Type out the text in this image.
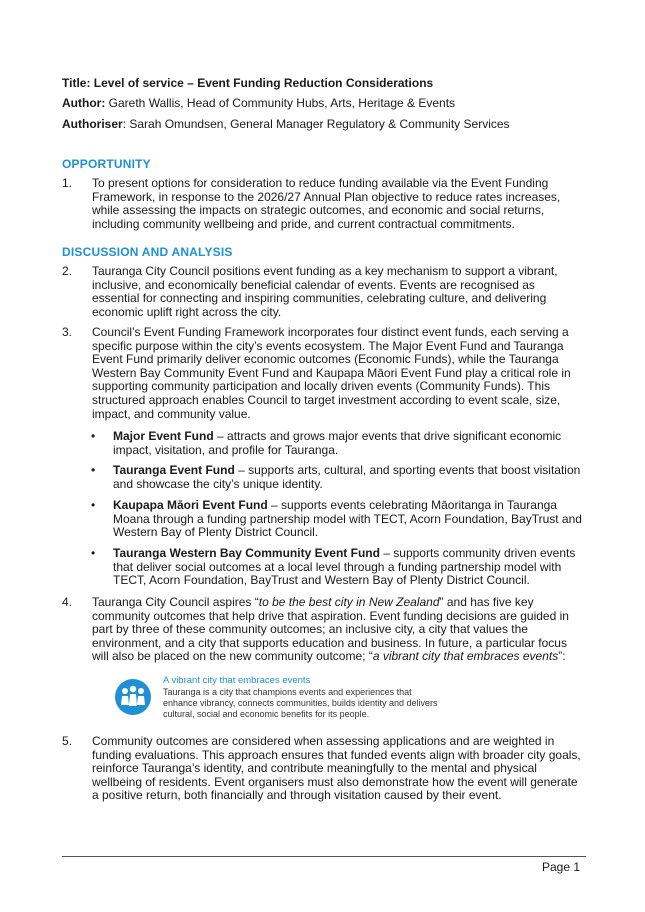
Title: Level of service – Event Funding Reduction Considerations
Author: Gareth Wallis, Head of Community Hubs, Arts, Heritage & Events
Authoriser: Sarah Omundsen, General Manager Regulatory & Community Services
OPPORTUNITY
1.	To present options for consideration to reduce funding available via the Event Funding Framework, in response to the 2026/27 Annual Plan objective to reduce rates increases, while assessing the impacts on strategic outcomes, and economic and social returns, including community wellbeing and pride, and current contractual commitments.
DISCUSSION AND ANALYSIS
2.	Tauranga City Council positions event funding as a key mechanism to support a vibrant, inclusive, and economically beneficial calendar of events. Events are recognised as essential for connecting and inspiring communities, celebrating culture, and delivering economic uplift right across the city.
3.	Council’s Event Funding Framework incorporates four distinct event funds, each serving a specific purpose within the city’s events ecosystem. The Major Event Fund and Tauranga Event Fund primarily deliver economic outcomes (Economic Funds), while the Tauranga Western Bay Community Event Fund and Kaupapa Māori Event Fund play a critical role in supporting community participation and locally driven events (Community Funds). This structured approach enables Council to target investment according to event scale, size, impact, and community value.
• Major Event Fund – attracts and grows major events that drive significant economic impact, visitation, and profile for Tauranga.
• Tauranga Event Fund – supports arts, cultural, and sporting events that boost visitation and showcase the city’s unique identity.
• Kaupapa Māori Event Fund – supports events celebrating Māoritanga in Tauranga Moana through a funding partnership model with TECT, Acorn Foundation, BayTrust and Western Bay of Plenty District Council.
• Tauranga Western Bay Community Event Fund – supports community driven events that deliver social outcomes at a local level through a funding partnership model with TECT, Acorn Foundation, BayTrust and Western Bay of Plenty District Council.
4.	Tauranga City Council aspires “to be the best city in New Zealand” and has five key community outcomes that help drive that aspiration. Event funding decisions are guided in part by three of these community outcomes; an inclusive city, a city that values the environment, and a city that supports education and business. In future, a particular focus will also be placed on the new community outcome; “a vibrant city that embraces events”:
A vibrant city that embraces events
Tauranga is a city that champions events and experiences that enhance vibrancy, connects communities, builds identity and delivers cultural, social and economic benefits for its people.
5.	Community outcomes are considered when assessing applications and are weighted in funding evaluations. This approach ensures that funded events align with broader city goals, reinforce Tauranga’s identity, and contribute meaningfully to the mental and physical wellbeing of residents. Event organisers must also demonstrate how the event will generate a positive return, both financially and through visitation caused by their event.
Page 1
